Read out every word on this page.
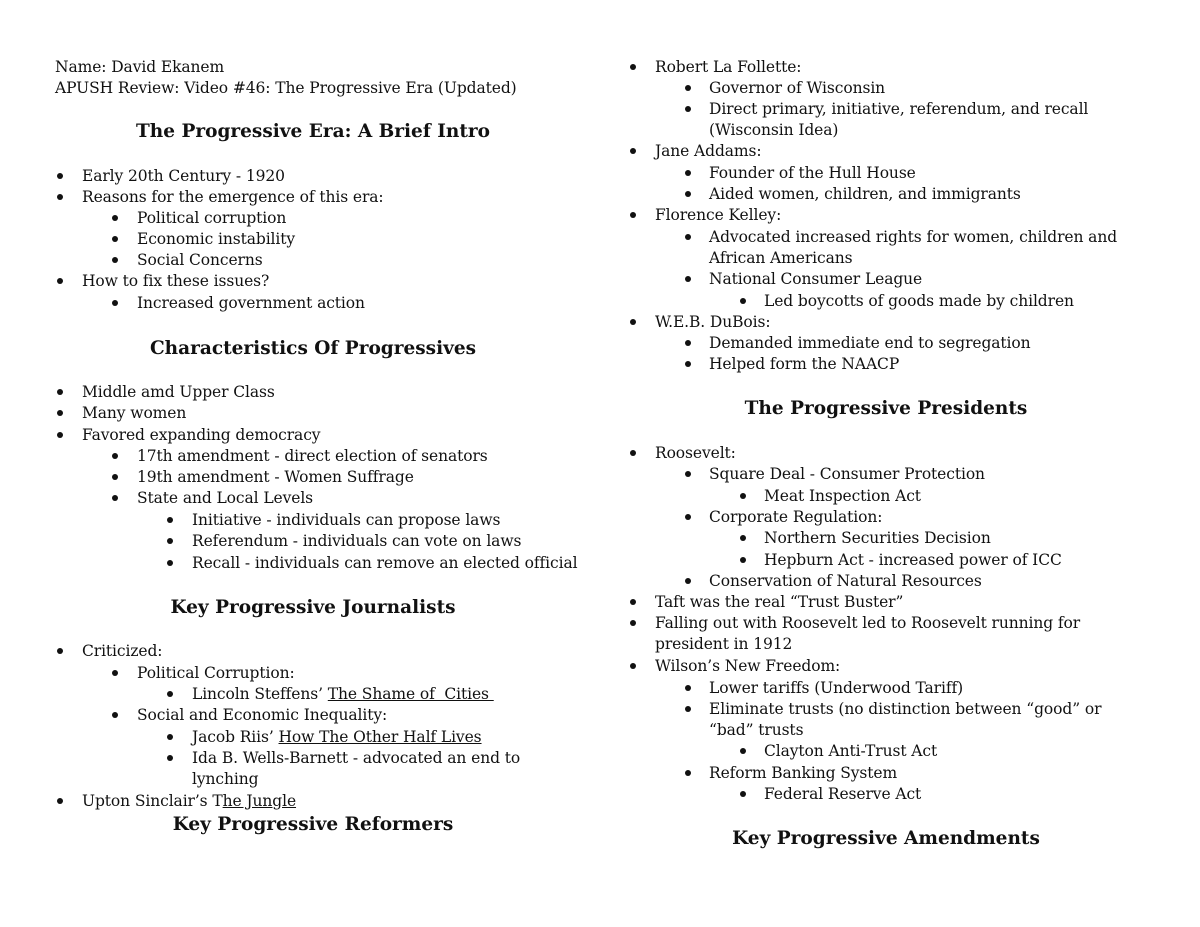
Name: David Ekanem
APUSH Review: Video #46: The Progressive Era (Updated)
The Progressive Era: A Brief Intro
Early 20th Century - 1920
Reasons for the emergence of this era:
Political corruption
Economic instability
Social Concerns
How to fix these issues?
Increased government action
Characteristics Of Progressives
Middle amd Upper Class
Many women
Favored expanding democracy
17th amendment - direct election of senators
19th amendment - Women Suffrage
State and Local Levels
Initiative - individuals can propose laws
Referendum - individuals can vote on laws
Recall - individuals can remove an elected official
Key Progressive Journalists
Criticized:
Political Corruption:
Lincoln Steffens’ The Shame of  Cities
Social and Economic Inequality:
Jacob Riis’ How The Other Half Lives
Ida B. Wells-Barnett - advocated an end to
lynching
Upton Sinclair’s The Jungle
Key Progressive Reformers
Robert La Follette:
Governor of Wisconsin
Direct primary, initiative, referendum, and recall
(Wisconsin Idea)
Jane Addams:
Founder of the Hull House
Aided women, children, and immigrants
Florence Kelley:
Advocated increased rights for women, children and
African Americans
National Consumer League
Led boycotts of goods made by children
W.E.B. DuBois:
Demanded immediate end to segregation
Helped form the NAACP
The Progressive Presidents
Roosevelt:
Square Deal - Consumer Protection
Meat Inspection Act
Corporate Regulation:
Northern Securities Decision
Hepburn Act - increased power of ICC
Conservation of Natural Resources
Taft was the real “Trust Buster”
Falling out with Roosevelt led to Roosevelt running for
president in 1912
Wilson’s New Freedom:
Lower tariffs (Underwood Tariff)
Eliminate trusts (no distinction between “good” or
“bad” trusts
Clayton Anti-Trust Act
Reform Banking System
Federal Reserve Act
Key Progressive Amendments
